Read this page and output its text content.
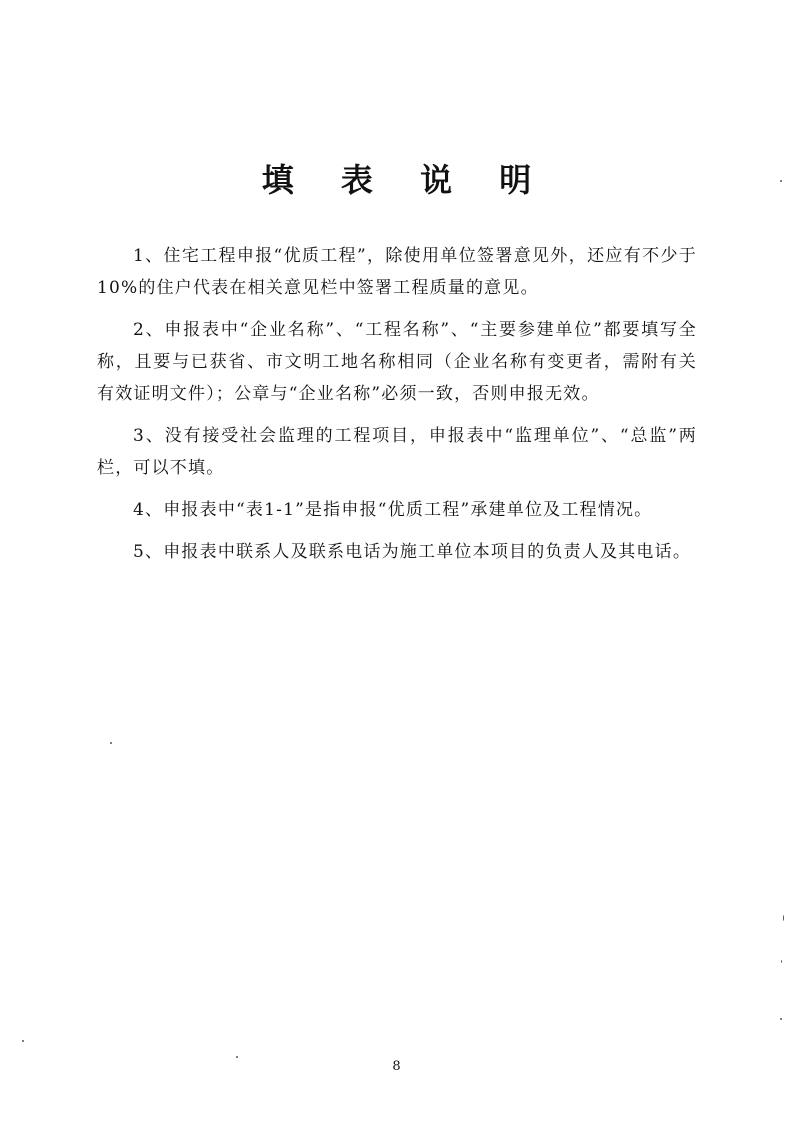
填 表 说 明

1、住宅工程申报“优质工程”，除使用单位签署意见外，还应有不少于10%的住户代表在相关意见栏中签署工程质量的意见。

2、申报表中“企业名称”、“工程名称”、“主要参建单位”都要填写全称，且要与已获省、市文明工地名称相同（企业名称有变更者，需附有关有效证明文件）；公章与“企业名称”必须一致，否则申报无效。

3、没有接受社会监理的工程项目，申报表中“监理单位”、“总监”两栏，可以不填。

4、申报表中“表1-1”是指申报“优质工程”承建单位及工程情况。

5、申报表中联系人及联系电话为施工单位本项目的负责人及其电话。

8
